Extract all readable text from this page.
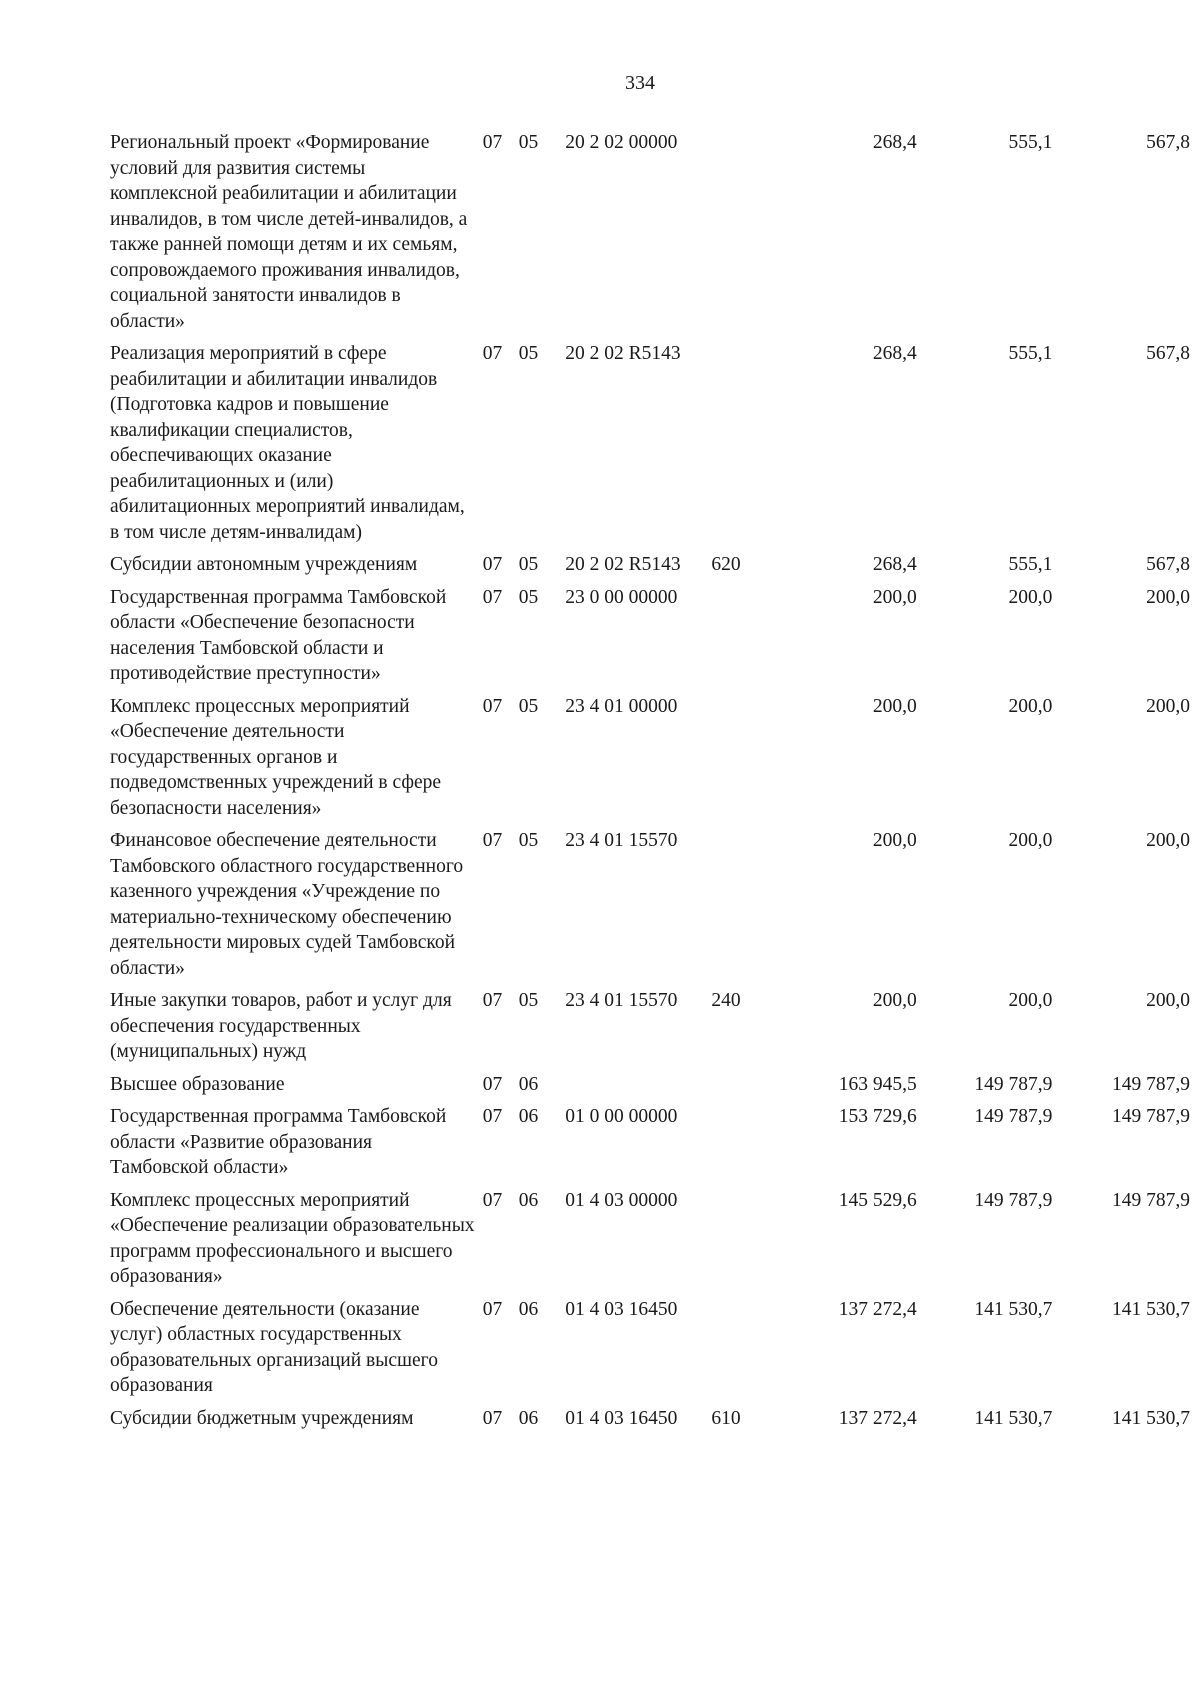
334
Региональный проект «Формирование условий для развития системы комплексной реабилитации и абилитации инвалидов, в том числе детей-инвалидов, а также ранней помощи детям и их семьям, сопровождаемого проживания инвалидов, социальной занятости инвалидов в области»	07	05	20 2 02 00000		268,4	555,1	567,8
Реализация мероприятий в сфере реабилитации и абилитации инвалидов (Подготовка кадров и повышение квалификации специалистов, обеспечивающих оказание реабилитационных и (или) абилитационных мероприятий инвалидам, в том числе детям-инвалидам)	07	05	20 2 02 R5143		268,4	555,1	567,8
Субсидии автономным учреждениям	07	05	20 2 02 R5143	620	268,4	555,1	567,8
Государственная программа Тамбовской области «Обеспечение безопасности населения Тамбовской области и противодействие преступности»	07	05	23 0 00 00000		200,0	200,0	200,0
Комплекс процессных мероприятий «Обеспечение деятельности государственных органов и подведомственных учреждений в сфере безопасности населения»	07	05	23 4 01 00000		200,0	200,0	200,0
Финансовое обеспечение деятельности Тамбовского областного государственного казенного учреждения «Учреждение по материально-техническому обеспечению деятельности мировых судей Тамбовской области»	07	05	23 4 01 15570		200,0	200,0	200,0
Иные закупки товаров, работ и услуг для обеспечения государственных (муниципальных) нужд	07	05	23 4 01 15570	240	200,0	200,0	200,0
Высшее образование	07	06			163 945,5	149 787,9	149 787,9
Государственная программа Тамбовской области «Развитие образования Тамбовской области»	07	06	01 0 00 00000		153 729,6	149 787,9	149 787,9
Комплекс процессных мероприятий «Обеспечение реализации образовательных программ профессионального и высшего образования»	07	06	01 4 03 00000		145 529,6	149 787,9	149 787,9
Обеспечение деятельности (оказание услуг) областных государственных образовательных организаций высшего образования	07	06	01 4 03 16450		137 272,4	141 530,7	141 530,7
Субсидии бюджетным учреждениям	07	06	01 4 03 16450	610	137 272,4	141 530,7	141 530,7
